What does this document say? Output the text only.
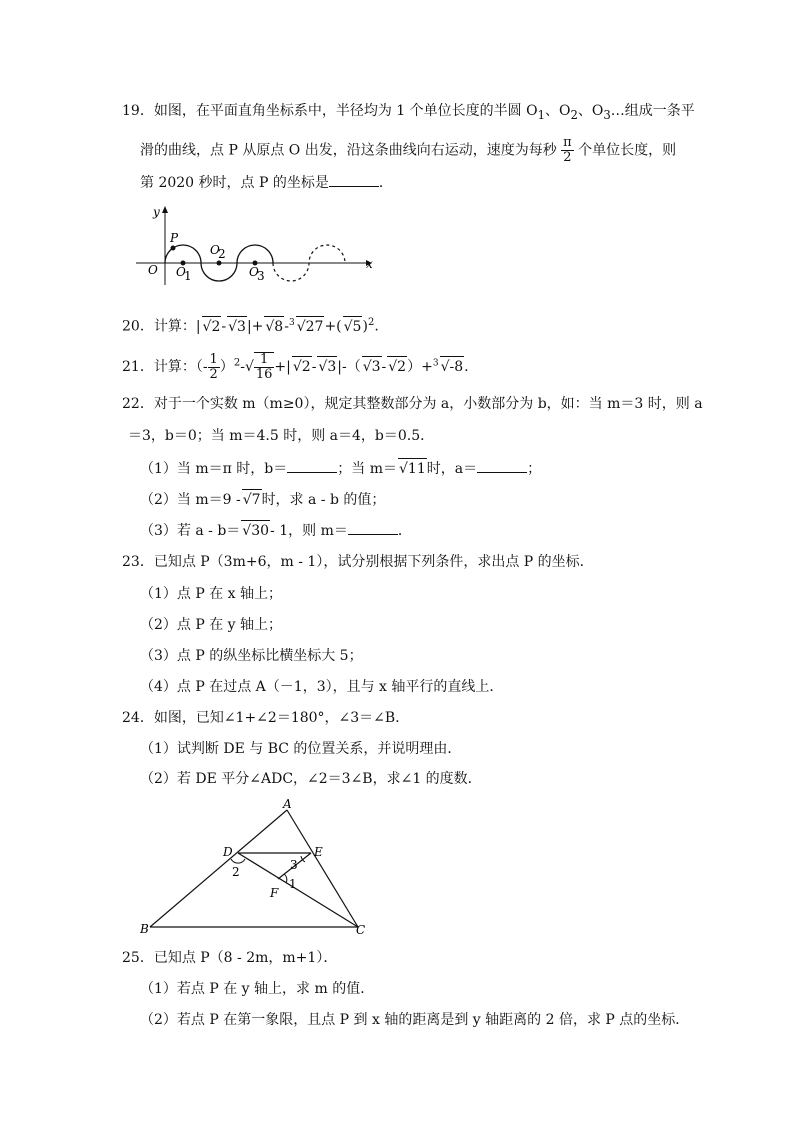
19．如图，在平面直角坐标系中，半径均为 1 个单位长度的半圆 $O_1$、$O_2$、$O_3\dots$组成一条平
滑的曲线，点 P 从原点 O 出发，沿这条曲线向右运动，速度为每秒 $\frac{\pi}{2}$ 个单位长度，则
第 2020 秒时，点 P 的坐标是	．
y
x
O
P
O
1
O
2
O
3
20．计算：| √2- √3|+ √8-$^3$ √27+( √5)$^2$.
21．计算：（- $\frac{1}{2} )^2-√ \frac{1}{16}$ +| √2- √3|-（ √3- √2）+$^3$ √-8.
22．对于一个实数 m（m≥0），规定其整数部分为 a，小数部分为 b，如：当 m＝3 时，则 a
＝3，b＝0；当 m＝4.5 时，则 a＝4，b＝0.5．
（1）当 m＝π 时，b＝	；当 m＝ √11时，a＝	；
（2）当 m＝9 - √7时，求 a - b 的值；
（3）若 a - b＝ √30- 1，则 m＝	．
23．已知点 P（3m+6，m - 1），试分别根据下列条件，求出点 P 的坐标．
（1）点 P 在 x 轴上；
（2）点 P 在 y 轴上；
（3）点 P 的纵坐标比横坐标大 5；
（4）点 P 在过点 A（－1，3），且与 x 轴平行的直线上．
24．如图，已知∠1+∠2＝180°，∠3＝∠B．
（1）试判断 DE 与 BC 的位置关系，并说明理由．
（2）若 DE 平分∠ADC，∠2＝3∠B，求∠1 的度数．
A
B	C
D	E
F
1
2	3
25．已知点 P（8 - 2m，m+1）．
（1）若点 P 在 y 轴上，求 m 的值．
（2）若点 P 在第一象限，且点 P 到 x 轴的距离是到 y 轴距离的 2 倍，求 P 点的坐标．
